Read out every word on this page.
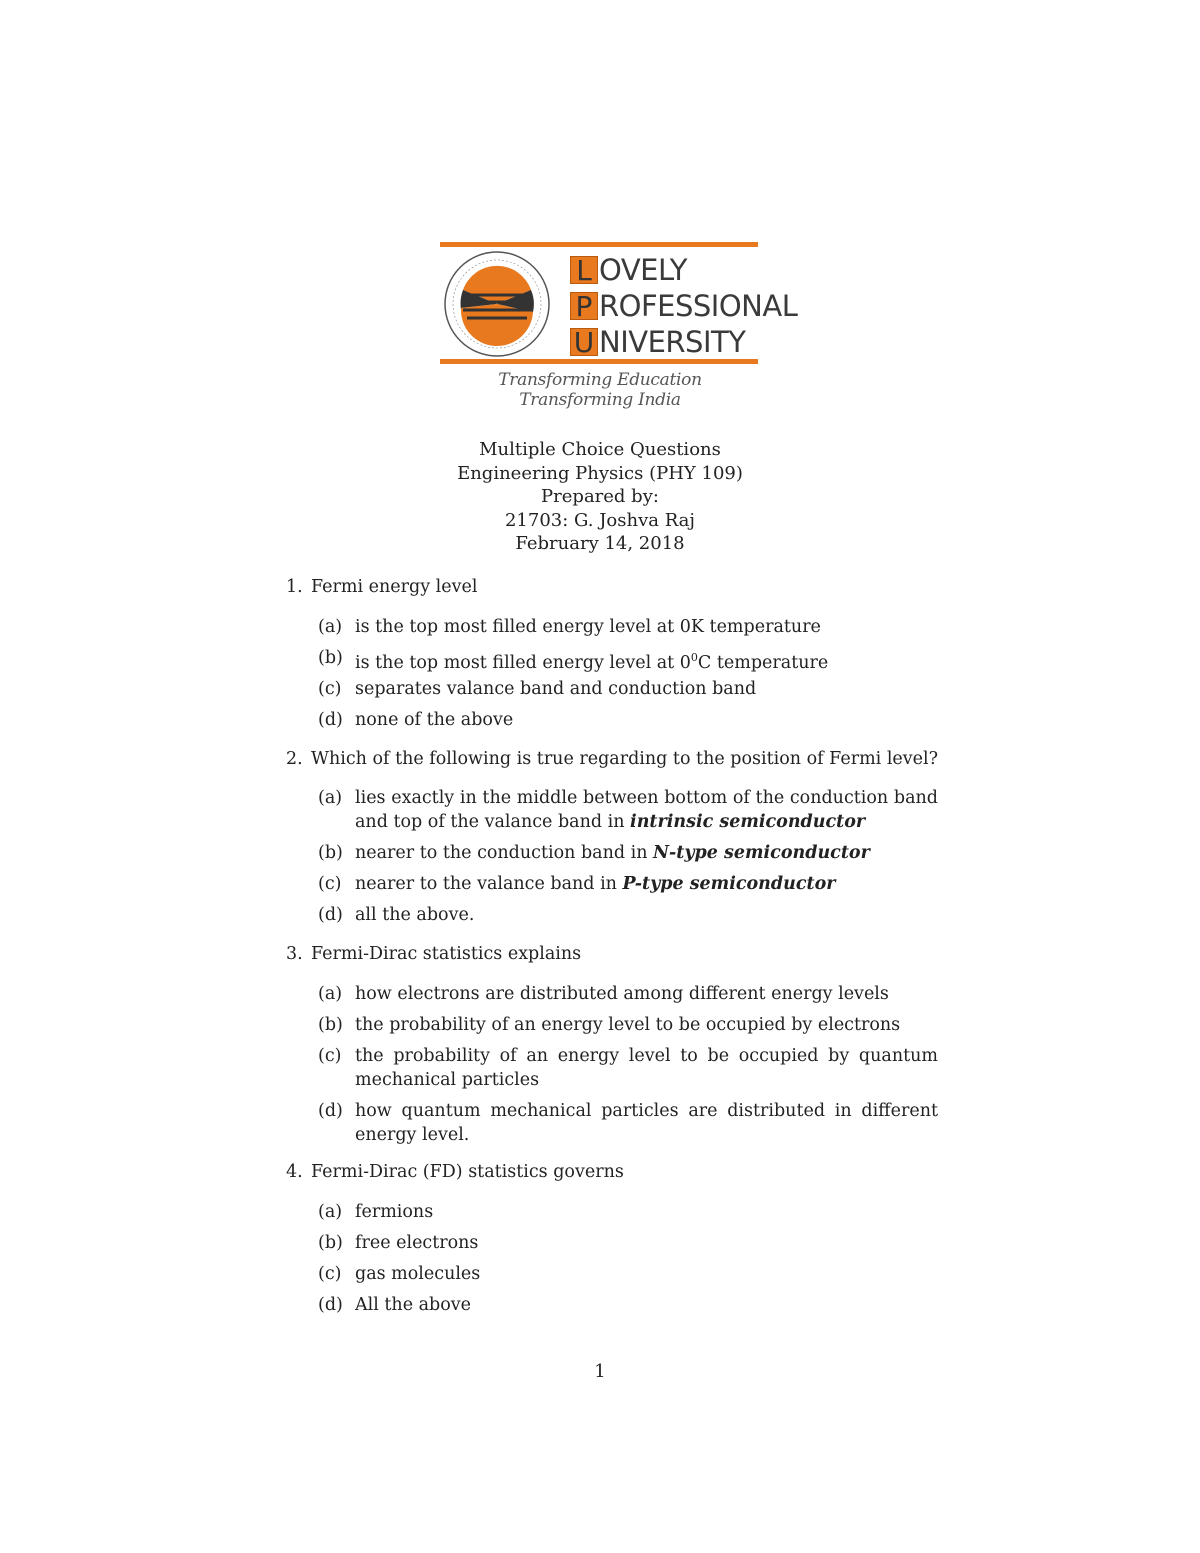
L OVELY
P ROFESSIONAL
U NIVERSITY
Transforming Education Transforming India
Multiple Choice Questions
Engineering Physics (PHY 109)
Prepared by:
21703: G. Joshva Raj
February 14, 2018
1. Fermi energy level
(a) is the top most filled energy level at 0K temperature
(b) is the top most filled energy level at $0^0C$ temperature
(c) separates valance band and conduction band
(d) none of the above
2. Which of the following is true regarding to the position of Fermi level?
(a) lies exactly in the middle between bottom of the conduction band and top of the valance band in intrinsic semiconductor
(b) nearer to the conduction band in N-type semiconductor
(c) nearer to the valance band in P-type semiconductor
(d) all the above.
3. Fermi-Dirac statistics explains
(a) how electrons are distributed among different energy levels
(b) the probability of an energy level to be occupied by electrons
(c) the probability of an energy level to be occupied by quantum mechanical particles
(d) how quantum mechanical particles are distributed in different energy level.
4. Fermi-Dirac (FD) statistics governs
(a) fermions
(b) free electrons
(c) gas molecules
(d) All the above
1
